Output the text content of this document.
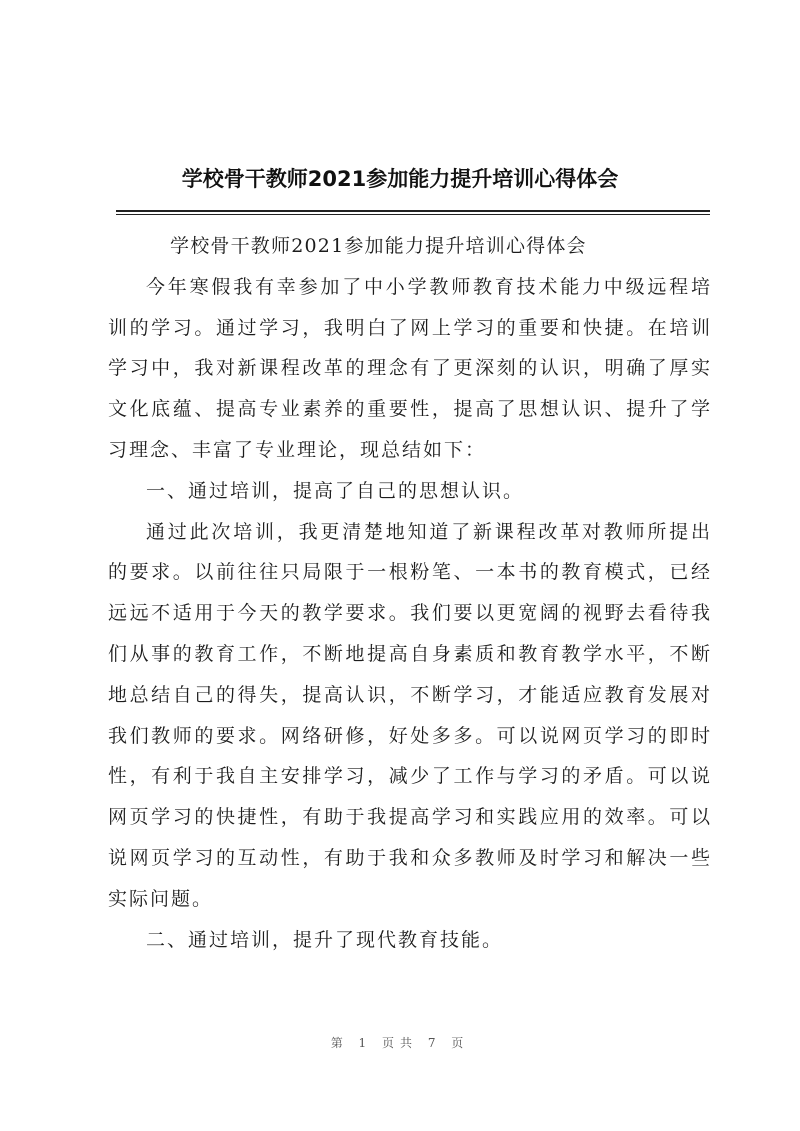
学校骨干教师2021参加能力提升培训心得体会

学校骨干教师2021参加能力提升培训心得体会

今年寒假我有幸参加了中小学教师教育技术能力中级远程培训的学习。通过学习，我明白了网上学习的重要和快捷。在培训学习中，我对新课程改革的理念有了更深刻的认识，明确了厚实文化底蕴、提高专业素养的重要性，提高了思想认识、提升了学习理念、丰富了专业理论，现总结如下：

一、通过培训，提高了自己的思想认识。

通过此次培训，我更清楚地知道了新课程改革对教师所提出的要求。以前往往只局限于一根粉笔、一本书的教育模式，已经远远不适用于今天的教学要求。我们要以更宽阔的视野去看待我们从事的教育工作，不断地提高自身素质和教育教学水平，不断地总结自己的得失，提高认识，不断学习，才能适应教育发展对我们教师的要求。网络研修，好处多多。可以说网页学习的即时性，有利于我自主安排学习，减少了工作与学习的矛盾。可以说网页学习的快捷性，有助于我提高学习和实践应用的效率。可以说网页学习的互动性，有助于我和众多教师及时学习和解决一些实际问题。

二、通过培训，提升了现代教育技能。

第 1 页共 7 页
